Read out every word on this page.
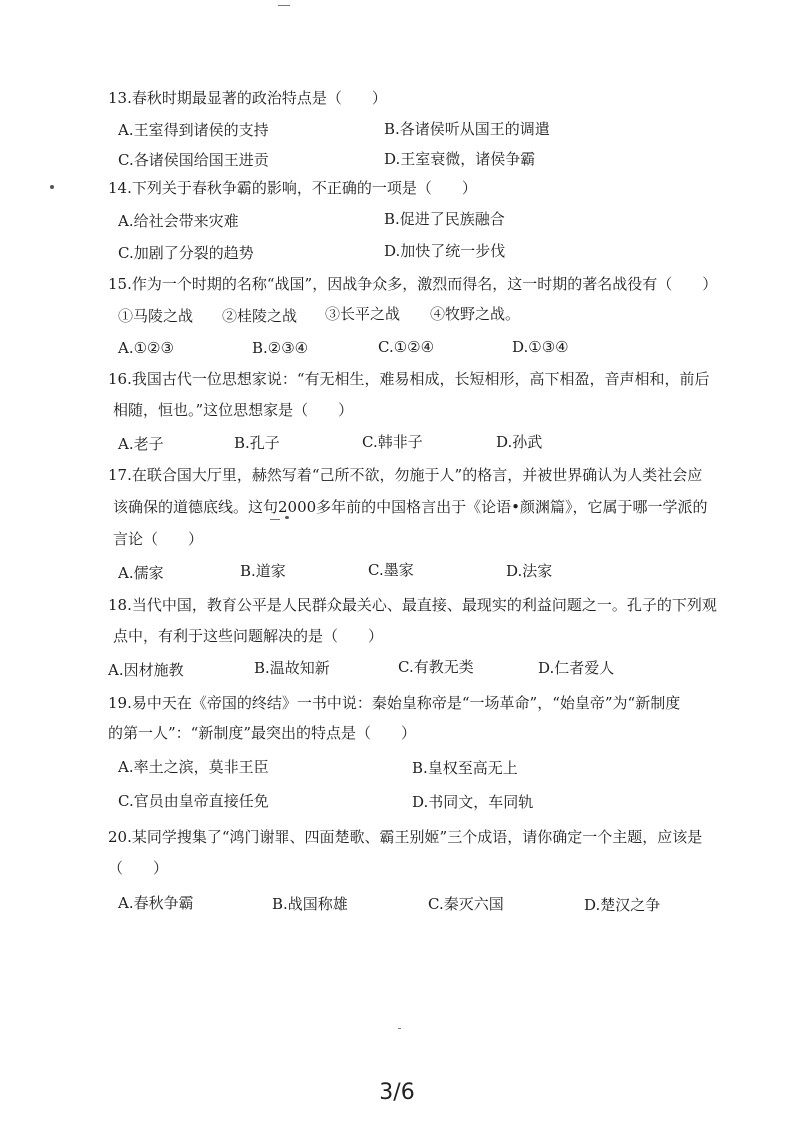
13.春秋时期最显著的政治特点是（　　）
A.王室得到诸侯的支持	B.各诸侯听从国王的调遣
C.各诸侯国给国王进贡	D.王室衰微，诸侯争霸
14.下列关于春秋争霸的影响，不正确的一项是（　　）
A.给社会带来灾难	B.促进了民族融合
C.加剧了分裂的趋势	D.加快了统一步伐
15.作为一个时期的名称“战国”，因战争众多，激烈而得名，这一时期的著名战役有（　　）
①马陵之战 ②桂陵之战 ③长平之战 ④牧野之战。
A.①②③	B.②③④	C.①②④	D.①③④
16.我国古代一位思想家说：“有无相生，难易相成，长短相形，高下相盈，音声相和，前后
相随，恒也。”这位思想家是（　　）
A.老子	B.孔子	C.韩非子	D.孙武
17.在联合国大厅里，赫然写着“己所不欲，勿施于人”的格言，并被世界确认为人类社会应
该确保的道德底线。这句2000多年前的中国格言出于《论语•颜渊篇》，它属于哪一学派的
言论（　　）
A.儒家	B.道家	C.墨家	D.法家
18.当代中国，教育公平是人民群众最关心、最直接、最现实的利益问题之一。孔子的下列观
点中，有利于这些问题解决的是（　　）
A.因材施教	B.温故知新	C.有教无类	D.仁者爱人
19.易中天在《帝国的终结》一书中说：秦始皇称帝是“一场革命”，“始皇帝”为“新制度
的第一人”：“新制度”最突出的特点是（　　）
A.率土之滨，莫非王臣	B.皇权至高无上
C.官员由皇帝直接任免	D.书同文，车同轨
20.某同学搜集了“鸿门谢罪、四面楚歌、霸王别姬”三个成语，请你确定一个主题，应该是
（　　）
A.春秋争霸	B.战国称雄	C.秦灭六国	D.楚汉之争
3/6
